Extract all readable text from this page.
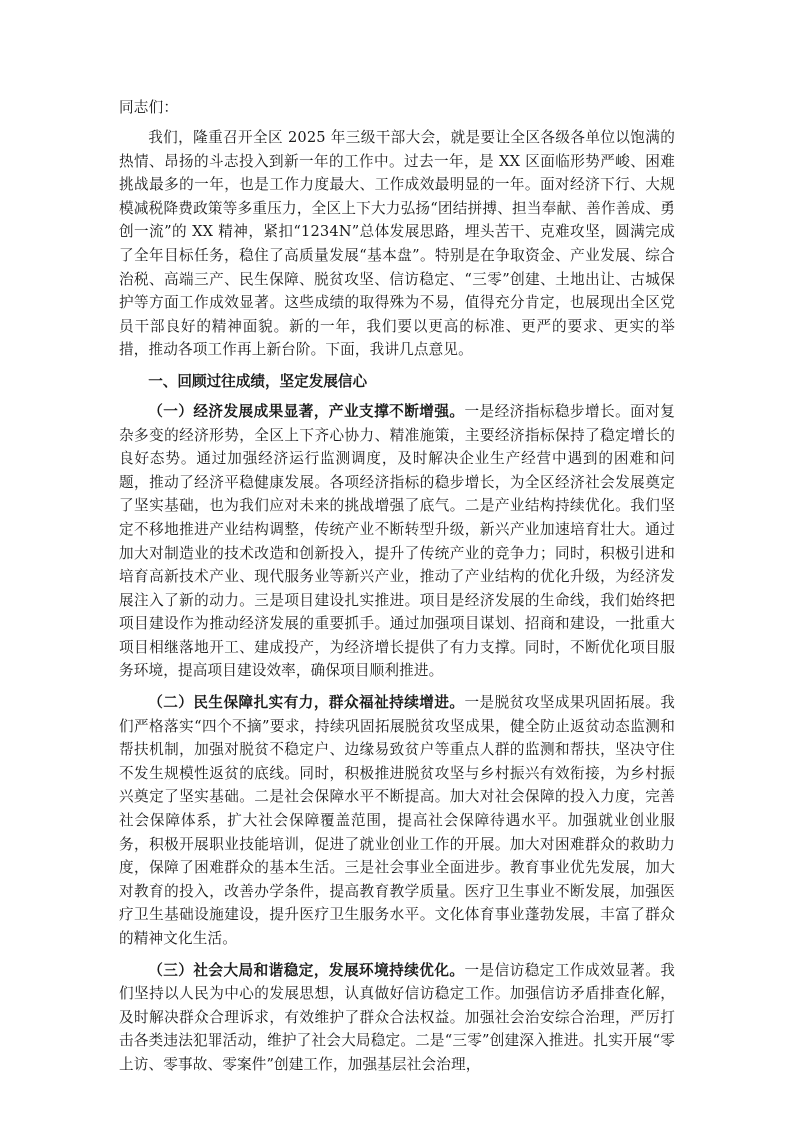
同志们：

我们，隆重召开全区 2025 年三级干部大会，就是要让全区各级各单位以饱满的热情、昂扬的斗志投入到新一年的工作中。过去一年，是 XX 区面临形势严峻、困难挑战最多的一年，也是工作力度最大、工作成效最明显的一年。面对经济下行、大规模减税降费政策等多重压力，全区上下大力弘扬“团结拼搏、担当奉献、善作善成、勇创一流”的 XX 精神，紧扣“1234N”总体发展思路，埋头苦干、克难攻坚，圆满完成了全年目标任务，稳住了高质量发展“基本盘”。特别是在争取资金、产业发展、综合治税、高端三产、民生保障、脱贫攻坚、信访稳定、“三零”创建、土地出让、古城保护等方面工作成效显著。这些成绩的取得殊为不易，值得充分肯定，也展现出全区党员干部良好的精神面貌。新的一年，我们要以更高的标准、更严的要求、更实的举措，推动各项工作再上新台阶。下面，我讲几点意见。

一、回顾过往成绩，坚定发展信心

（一）经济发展成果显著，产业支撑不断增强。一是经济指标稳步增长。面对复杂多变的经济形势，全区上下齐心协力、精准施策，主要经济指标保持了稳定增长的良好态势。通过加强经济运行监测调度，及时解决企业生产经营中遇到的困难和问题，推动了经济平稳健康发展。各项经济指标的稳步增长，为全区经济社会发展奠定了坚实基础，也为我们应对未来的挑战增强了底气。二是产业结构持续优化。我们坚定不移地推进产业结构调整，传统产业不断转型升级，新兴产业加速培育壮大。通过加大对制造业的技术改造和创新投入，提升了传统产业的竞争力；同时，积极引进和培育高新技术产业、现代服务业等新兴产业，推动了产业结构的优化升级，为经济发展注入了新的动力。三是项目建设扎实推进。项目是经济发展的生命线，我们始终把项目建设作为推动经济发展的重要抓手。通过加强项目谋划、招商和建设，一批重大项目相继落地开工、建成投产，为经济增长提供了有力支撑。同时，不断优化项目服务环境，提高项目建设效率，确保项目顺利推进。

（二）民生保障扎实有力，群众福祉持续增进。一是脱贫攻坚成果巩固拓展。我们严格落实“四个不摘”要求，持续巩固拓展脱贫攻坚成果，健全防止返贫动态监测和帮扶机制，加强对脱贫不稳定户、边缘易致贫户等重点人群的监测和帮扶，坚决守住不发生规模性返贫的底线。同时，积极推进脱贫攻坚与乡村振兴有效衔接，为乡村振兴奠定了坚实基础。二是社会保障水平不断提高。加大对社会保障的投入力度，完善社会保障体系，扩大社会保障覆盖范围，提高社会保障待遇水平。加强就业创业服务，积极开展职业技能培训，促进了就业创业工作的开展。加大对困难群众的救助力度，保障了困难群众的基本生活。三是社会事业全面进步。教育事业优先发展，加大对教育的投入，改善办学条件，提高教育教学质量。医疗卫生事业不断发展，加强医疗卫生基础设施建设，提升医疗卫生服务水平。文化体育事业蓬勃发展，丰富了群众的精神文化生活。

（三）社会大局和谐稳定，发展环境持续优化。一是信访稳定工作成效显著。我们坚持以人民为中心的发展思想，认真做好信访稳定工作。加强信访矛盾排查化解，及时解决群众合理诉求，有效维护了群众合法权益。加强社会治安综合治理，严厉打击各类违法犯罪活动，维护了社会大局稳定。二是“三零”创建深入推进。扎实开展“零上访、零事故、零案件”创建工作，加强基层社会治理，
